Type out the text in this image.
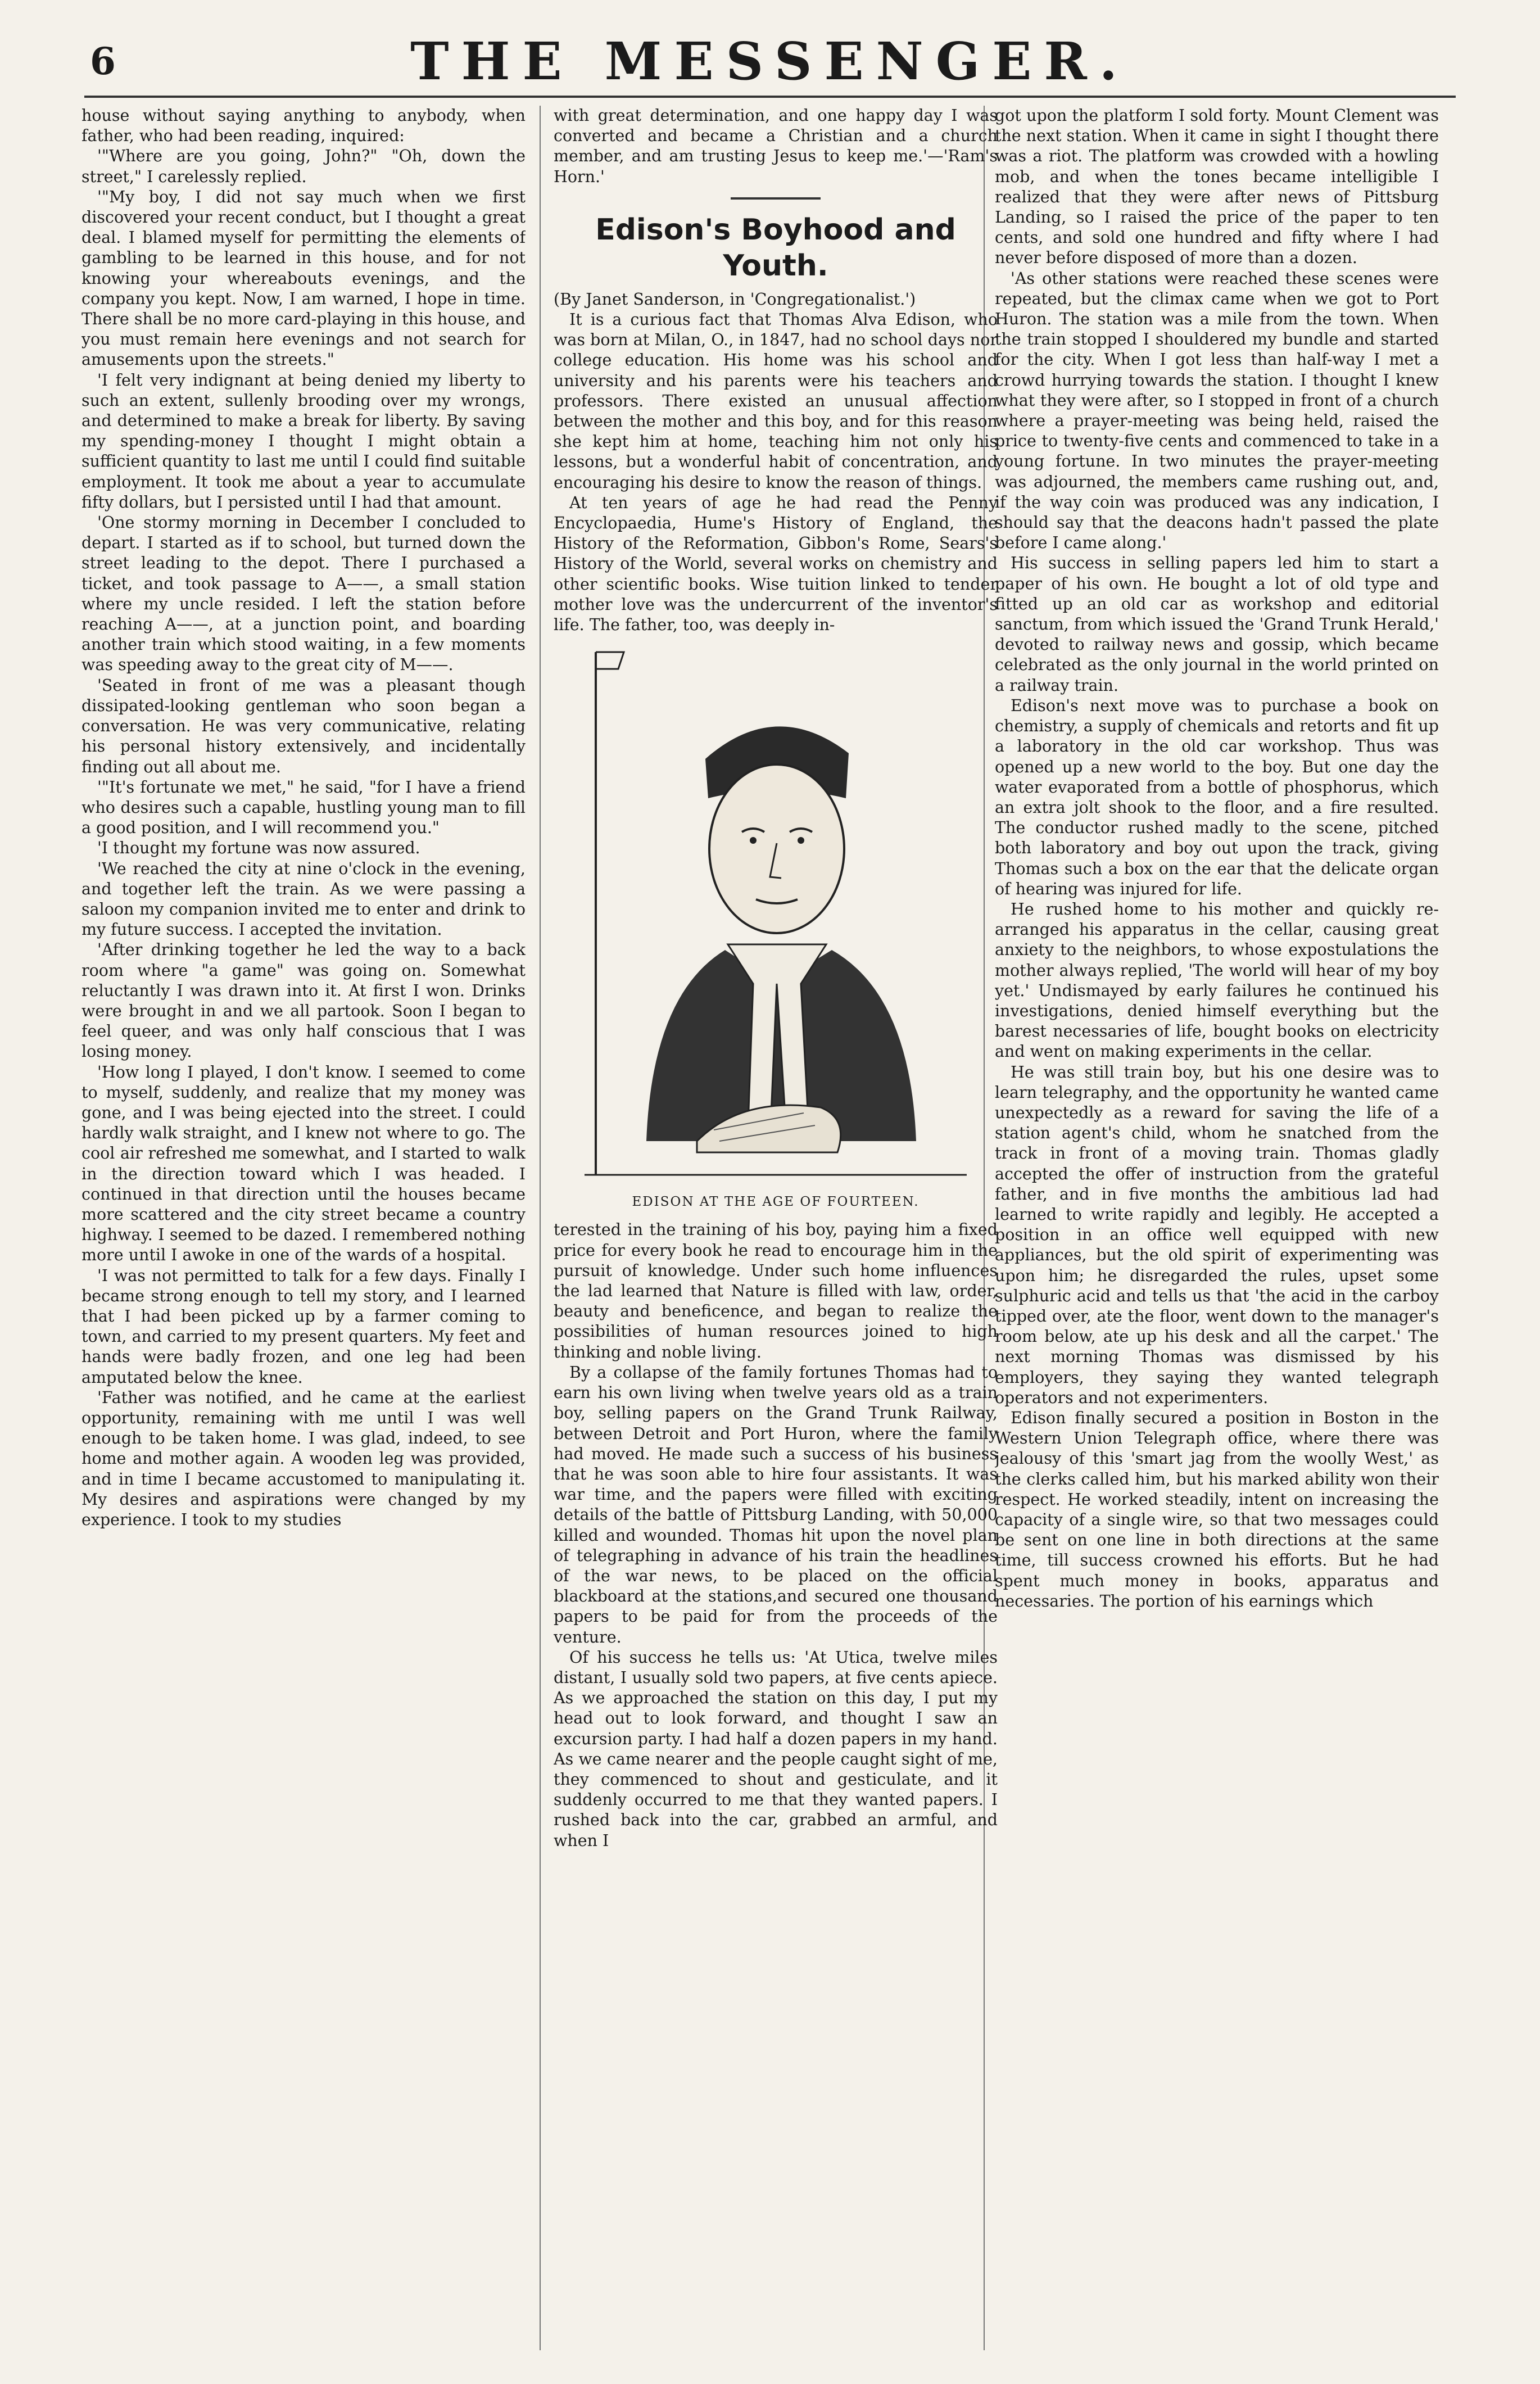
6	THE MESSENGER.

house without saying anything to anybody, when father, who had been reading, inquired:

'"Where are you going, John?" "Oh, down the street," I carelessly replied.

'"My boy, I did not say much when we first discovered your recent conduct, but I thought a great deal. I blamed myself for permitting the elements of gambling to be learned in this house, and for not knowing your whereabouts evenings, and the company you kept. Now, I am warned, I hope in time. There shall be no more card-playing in this house, and you must remain here evenings and not search for amusements upon the streets."

'I felt very indignant at being denied my liberty to such an extent, sullenly brooding over my wrongs, and determined to make a break for liberty. By saving my spending-money I thought I might obtain a sufficient quantity to last me until I could find suitable employment. It took me about a year to accumulate fifty dollars, but I persisted until I had that amount.

'One stormy morning in December I concluded to depart. I started as if to school, but turned down the street leading to the depot. There I purchased a ticket, and took passage to A——, a small station where my uncle resided. I left the station before reaching A——, at a junction point, and boarding another train which stood waiting, in a few moments was speeding away to the great city of M——.

'Seated in front of me was a pleasant though dissipated-looking gentleman who soon began a conversation. He was very communicative, relating his personal history extensively, and incidentally finding out all about me.

'"It's fortunate we met," he said, "for I have a friend who desires such a capable, hustling young man to fill a good position, and I will recommend you."

'I thought my fortune was now assured.

'We reached the city at nine o'clock in the evening, and together left the train. As we were passing a saloon my companion invited me to enter and drink to my future success. I accepted the invitation.

'After drinking together he led the way to a back room where "a game" was going on. Somewhat reluctantly I was drawn into it. At first I won. Drinks were brought in and we all partook. Soon I began to feel queer, and was only half conscious that I was losing money.

'How long I played, I don't know. I seemed to come to myself, suddenly, and realize that my money was gone, and I was being ejected into the street. I could hardly walk straight, and I knew not where to go. The cool air refreshed me somewhat, and I started to walk in the direction toward which I was headed. I continued in that direction until the houses became more scattered and the city street became a country highway. I seemed to be dazed. I remembered nothing more until I awoke in one of the wards of a hospital.

'I was not permitted to talk for a few days. Finally I became strong enough to tell my story, and I learned that I had been picked up by a farmer coming to town, and carried to my present quarters. My feet and hands were badly frozen, and one leg had been amputated below the knee.

'Father was notified, and he came at the earliest opportunity, remaining with me until I was well enough to be taken home. I was glad, indeed, to see home and mother again. A wooden leg was provided, and in time I became accustomed to manipulating it. My desires and aspirations were changed by my experience. I took to my studies

with great determination, and one happy day I was converted and became a Christian and a church member, and am trusting Jesus to keep me.'—'Ram's Horn.'

Edison's Boyhood and Youth.

(By Janet Sanderson, in 'Congregationalist.')

It is a curious fact that Thomas Alva Edison, who was born at Milan, O., in 1847, had no school days nor college education. His home was his school and university and his parents were his teachers and professors. There existed an unusual affection between the mother and this boy, and for this reason she kept him at home, teaching him not only his lessons, but a wonderful habit of concentration, and encouraging his desire to know the reason of things.

At ten years of age he had read the Penny Encyclopaedia, Hume's History of England, the History of the Reformation, Gibbon's Rome, Sears's History of the World, several works on chemistry and other scientific books. Wise tuition linked to tender mother love was the undercurrent of the inventor's life. The father, too, was deeply in-

EDISON AT THE AGE OF FOURTEEN.

terested in the training of his boy, paying him a fixed price for every book he read to encourage him in the pursuit of knowledge. Under such home influences the lad learned that Nature is filled with law, order, beauty and beneficence, and began to realize the possibilities of human resources joined to high thinking and noble living.

By a collapse of the family fortunes Thomas had to earn his own living when twelve years old as a train boy, selling papers on the Grand Trunk Railway, between Detroit and Port Huron, where the family had moved. He made such a success of his business that he was soon able to hire four assistants. It was war time, and the papers were filled with exciting details of the battle of Pittsburg Landing, with 50,000 killed and wounded. Thomas hit upon the novel plan of telegraphing in advance of his train the headlines of the war news, to be placed on the official blackboard at the stations,and secured one thousand papers to be paid for from the proceeds of the venture.

Of his success he tells us: 'At Utica, twelve miles distant, I usually sold two papers, at five cents apiece. As we approached the station on this day, I put my head out to look forward, and thought I saw an excursion party. I had half a dozen papers in my hand. As we came nearer and the people caught sight of me, they commenced to shout and gesticulate, and it suddenly occurred to me that they wanted papers. I rushed back into the car, grabbed an armful, and when I

got upon the platform I sold forty. Mount Clement was the next station. When it came in sight I thought there was a riot. The platform was crowded with a howling mob, and when the tones became intelligible I realized that they were after news of Pittsburg Landing, so I raised the price of the paper to ten cents, and sold one hundred and fifty where I had never before disposed of more than a dozen.

'As other stations were reached these scenes were repeated, but the climax came when we got to Port Huron. The station was a mile from the town. When the train stopped I shouldered my bundle and started for the city. When I got less than half-way I met a crowd hurrying towards the station. I thought I knew what they were after, so I stopped in front of a church where a prayer-meeting was being held, raised the price to twenty-five cents and commenced to take in a young fortune. In two minutes the prayer-meeting was adjourned, the members came rushing out, and, if the way coin was produced was any indication, I should say that the deacons hadn't passed the plate before I came along.'

His success in selling papers led him to start a paper of his own. He bought a lot of old type and fitted up an old car as workshop and editorial sanctum, from which issued the 'Grand Trunk Herald,' devoted to railway news and gossip, which became celebrated as the only journal in the world printed on a railway train.

Edison's next move was to purchase a book on chemistry, a supply of chemicals and retorts and fit up a laboratory in the old car workshop. Thus was opened up a new world to the boy. But one day the water evaporated from a bottle of phosphorus, which an extra jolt shook to the floor, and a fire resulted. The conductor rushed madly to the scene, pitched both laboratory and boy out upon the track, giving Thomas such a box on the ear that the delicate organ of hearing was injured for life.

He rushed home to his mother and quickly re-arranged his apparatus in the cellar, causing great anxiety to the neighbors, to whose expostulations the mother always replied, 'The world will hear of my boy yet.' Undismayed by early failures he continued his investigations, denied himself everything but the barest necessaries of life, bought books on electricity and went on making experiments in the cellar.

He was still train boy, but his one desire was to learn telegraphy, and the opportunity he wanted came unexpectedly as a reward for saving the life of a station agent's child, whom he snatched from the track in front of a moving train. Thomas gladly accepted the offer of instruction from the grateful father, and in five months the ambitious lad had learned to write rapidly and legibly. He accepted a position in an office well equipped with new appliances, but the old spirit of experimenting was upon him; he disregarded the rules, upset some sulphuric acid and tells us that 'the acid in the carboy tipped over, ate the floor, went down to the manager's room below, ate up his desk and all the carpet.' The next morning Thomas was dismissed by his employers, they saying they wanted telegraph operators and not experimenters.

Edison finally secured a position in Boston in the Western Union Telegraph office, where there was jealousy of this 'smart jag from the woolly West,' as the clerks called him, but his marked ability won their respect. He worked steadily, intent on increasing the capacity of a single wire, so that two messages could be sent on one line in both directions at the same time, till success crowned his efforts. But he had spent much money in books, apparatus and necessaries. The portion of his earnings which
